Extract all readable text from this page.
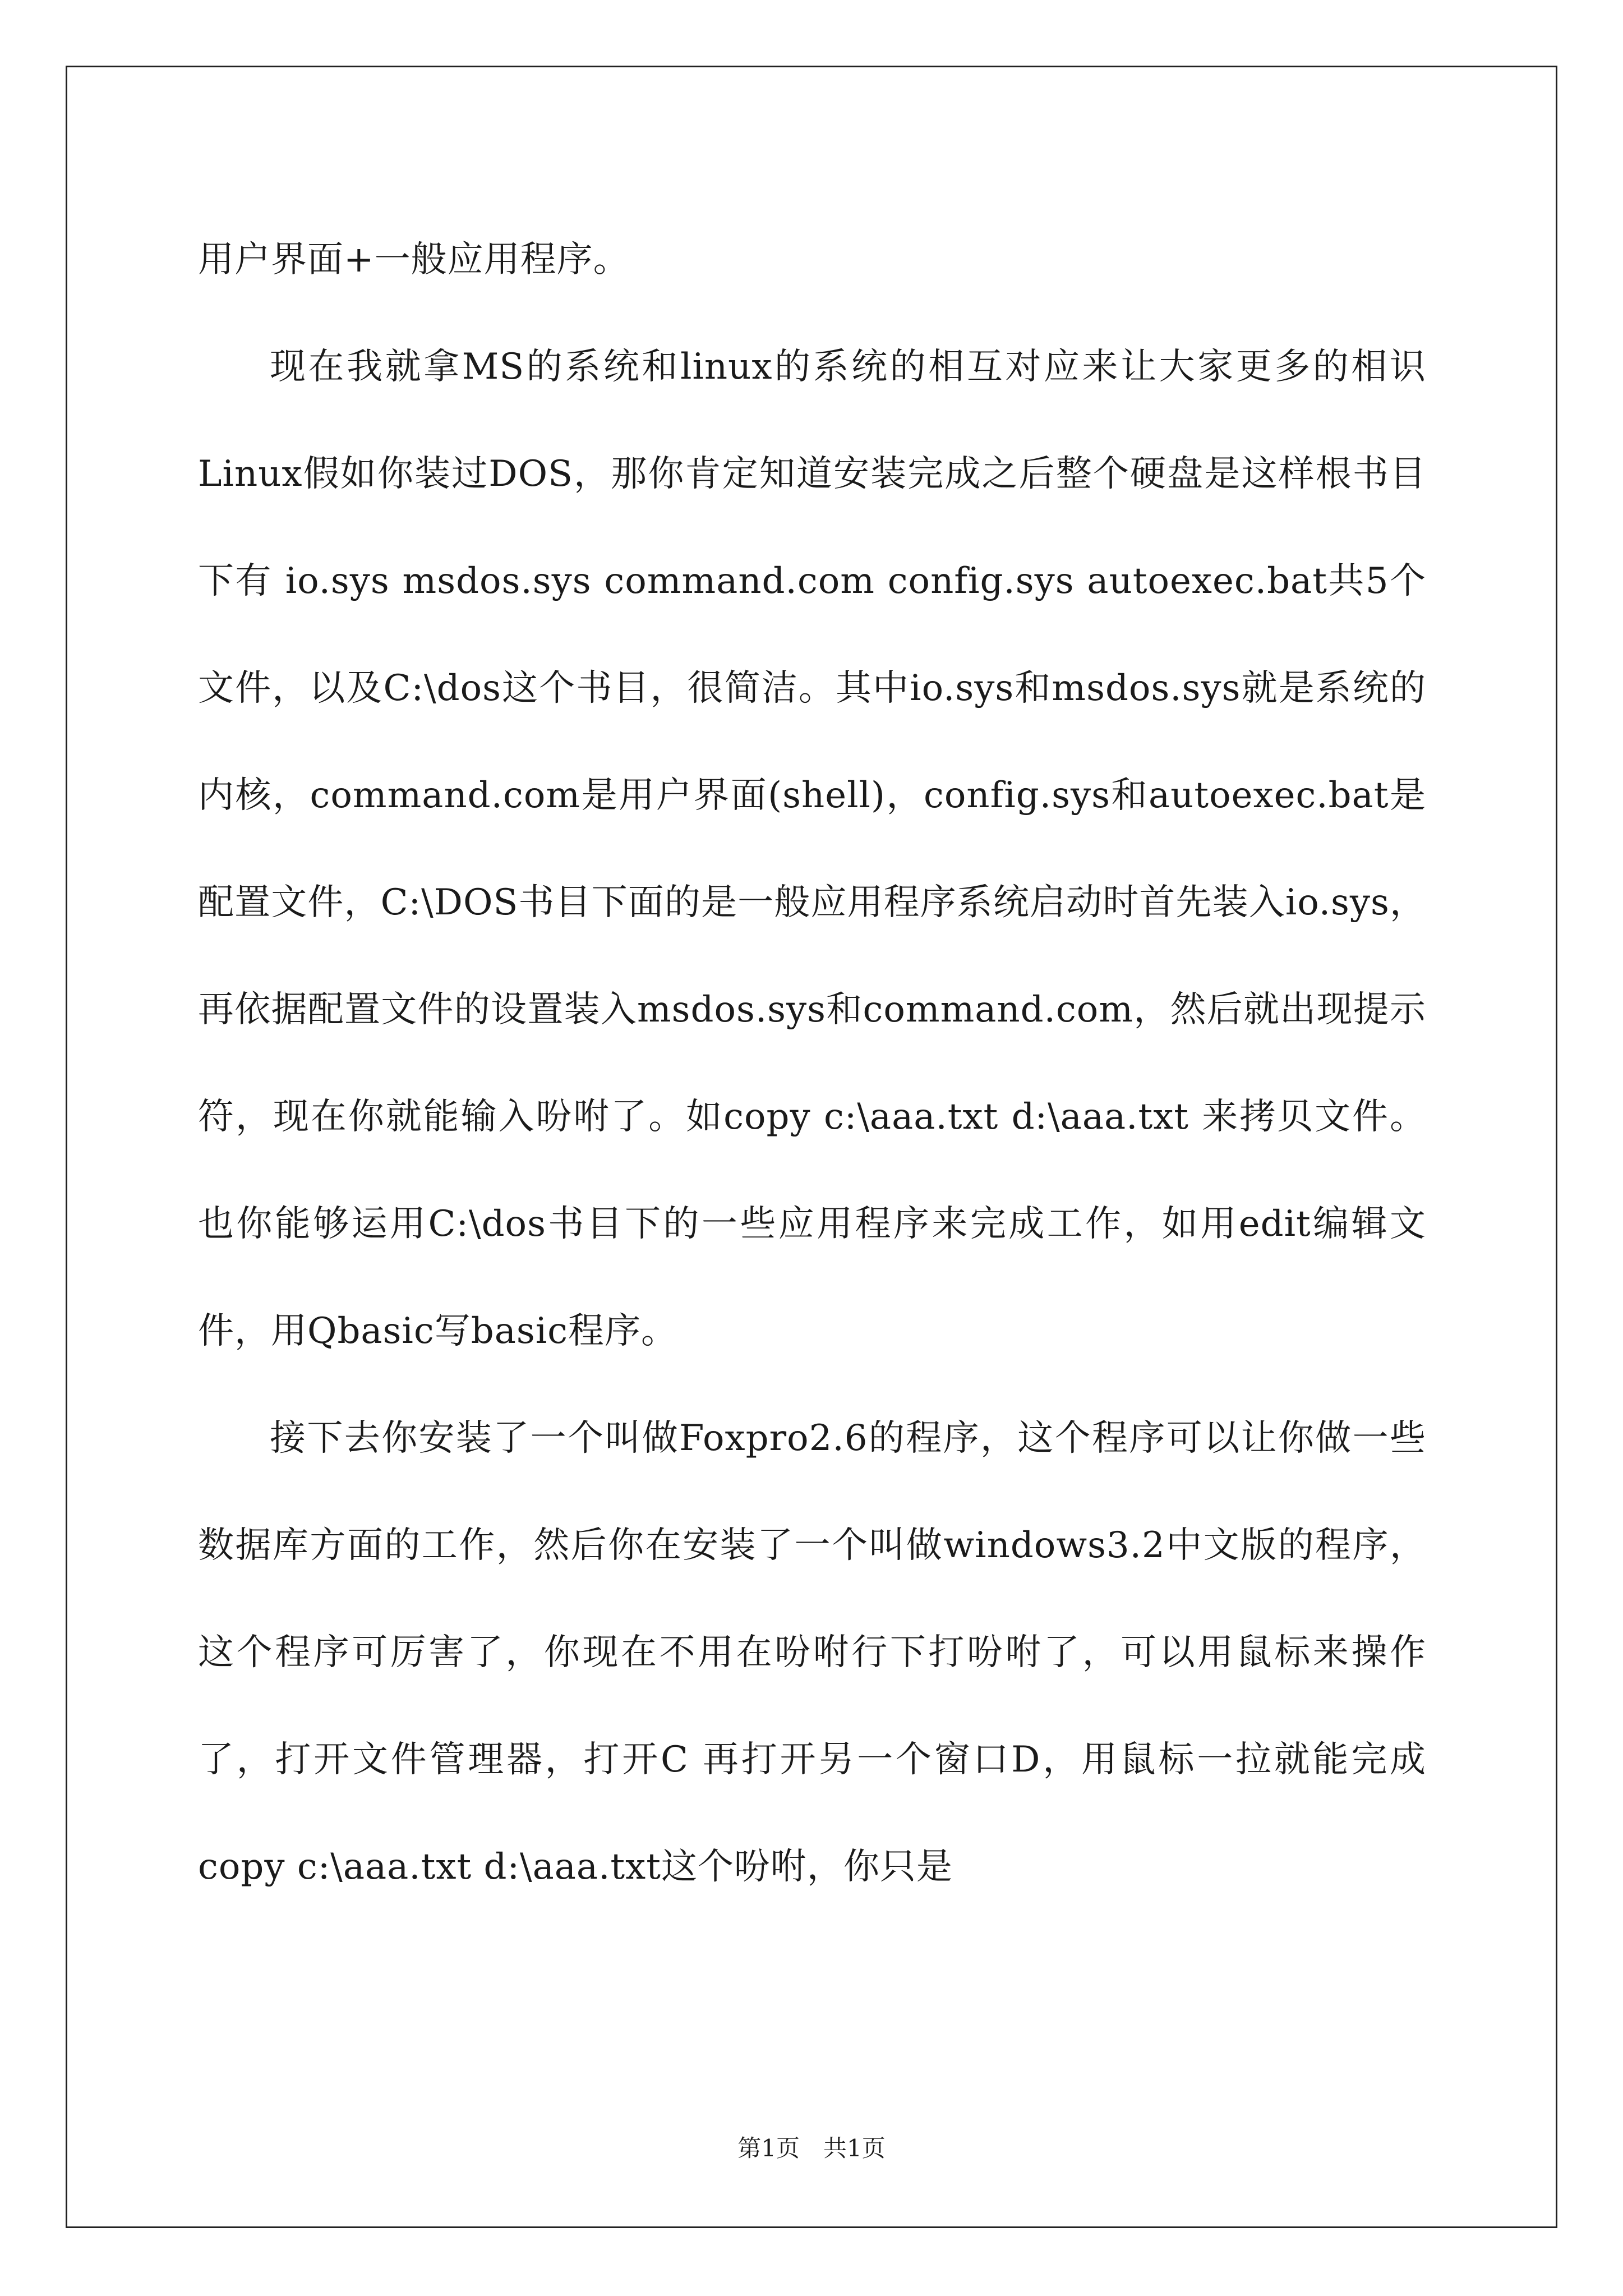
用户界面+一般应用程序。

现在我就拿MS的系统和linux的系统的相互对应来让大家更多的相识Linux假如你装过DOS，那你肯定知道安装完成之后整个硬盘是这样根书目下有 io.sys msdos.sys command.com config.sys autoexec.bat共5个文件，以及C:\dos这个书目，很简洁。其中io.sys和msdos.sys就是系统的内核，command.com是用户界面(shell)，config.sys和autoexec.bat是配置文件，C:\DOS书目下面的是一般应用程序系统启动时首先装入io.sys，再依据配置文件的设置装入msdos.sys和command.com，然后就出现提示符，现在你就能输入吩咐了。如copy c:\aaa.txt d:\aaa.txt 来拷贝文件。也你能够运用C:\dos书目下的一些应用程序来完成工作，如用edit编辑文件，用Qbasic写basic程序。

接下去你安装了一个叫做Foxpro2.6的程序，这个程序可以让你做一些数据库方面的工作，然后你在安装了一个叫做windows3.2中文版的程序，这个程序可厉害了，你现在不用在吩咐行下打吩咐了，可以用鼠标来操作了，打开文件管理器，打开C 再打开另一个窗口D，用鼠标一拉就能完成copy c:\aaa.txt d:\aaa.txt这个吩咐，你只是

第1页　共1页
